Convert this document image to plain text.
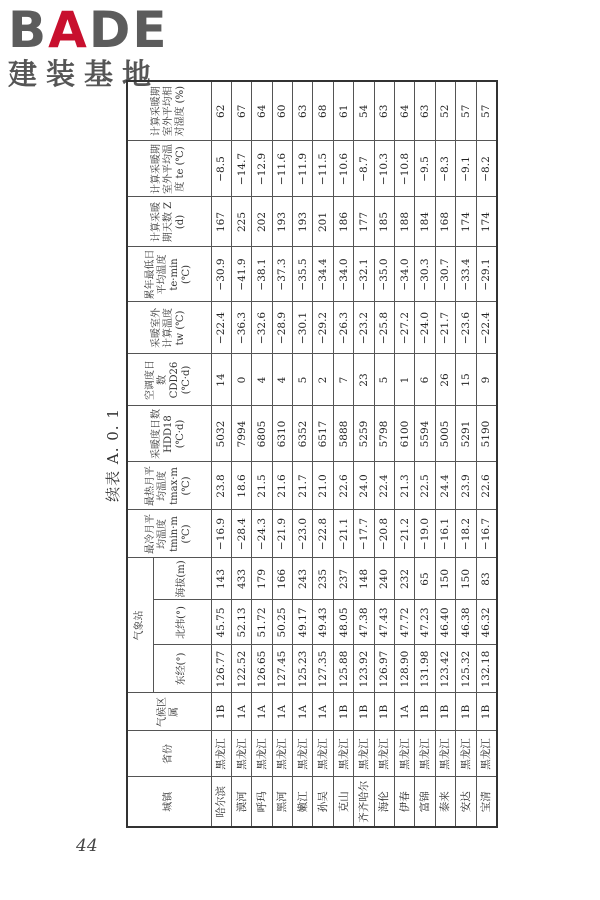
BADE
建装基地
续表 A. 0. 1
城镇	省份	气候区属	气象站			最冷月平均温度 tmin·m (℃)	最热月平均温度 tmax·m (℃)	采暖度日数 HDD18 (℃·d)	空调度日数 CDD26 (℃·d)	采暖室外计算温度 tw (℃)	累年最低日平均温度 te·min (℃)	计算采暖期天数 Z (d)	计算采暖期室外平均温度 te (℃)	计算采暖期室外平均相对湿度 (%)
			东经(°)	北纬(°)	海拔(m)									
哈尔滨	黑龙江	1B	126.77	45.75	143	−16.9	23.8	5032	14	−22.4	−30.9	167	−8.5	62
漠河	黑龙江	1A	122.52	52.13	433	−28.4	18.6	7994	0	−36.3	−41.9	225	−14.7	67
呼玛	黑龙江	1A	126.65	51.72	179	−24.3	21.5	6805	4	−32.6	−38.1	202	−12.9	64
黑河	黑龙江	1A	127.45	50.25	166	−21.9	21.6	6310	4	−28.9	−37.3	193	−11.6	60
嫩江	黑龙江	1A	125.23	49.17	243	−23.0	21.7	6352	5	−30.1	−35.5	193	−11.9	63
孙吴	黑龙江	1A	127.35	49.43	235	−22.8	21.0	6517	2	−29.2	−34.4	201	−11.5	68
克山	黑龙江	1B	125.88	48.05	237	−21.1	22.6	5888	7	−26.3	−34.0	186	−10.6	61
齐齐哈尔	黑龙江	1B	123.92	47.38	148	−17.7	24.0	5259	23	−23.2	−32.1	177	−8.7	54
海伦	黑龙江	1B	126.97	47.43	240	−20.8	22.4	5798	5	−25.8	−35.0	185	−10.3	63
伊春	黑龙江	1A	128.90	47.72	232	−21.2	21.3	6100	1	−27.2	−34.0	188	−10.8	64
富锦	黑龙江	1B	131.98	47.23	65	−19.0	22.5	5594	6	−24.0	−30.3	184	−9.5	63
泰来	黑龙江	1B	123.42	46.40	150	−16.1	24.4	5005	26	−21.7	−30.7	168	−8.3	52
安达	黑龙江	1B	125.32	46.38	150	−18.2	23.9	5291	15	−23.6	−33.4	174	−9.1	57
宝清	黑龙江	1B	132.18	46.32	83	−16.7	22.6	5190	9	−22.4	−29.1	174	−8.2	57
44
